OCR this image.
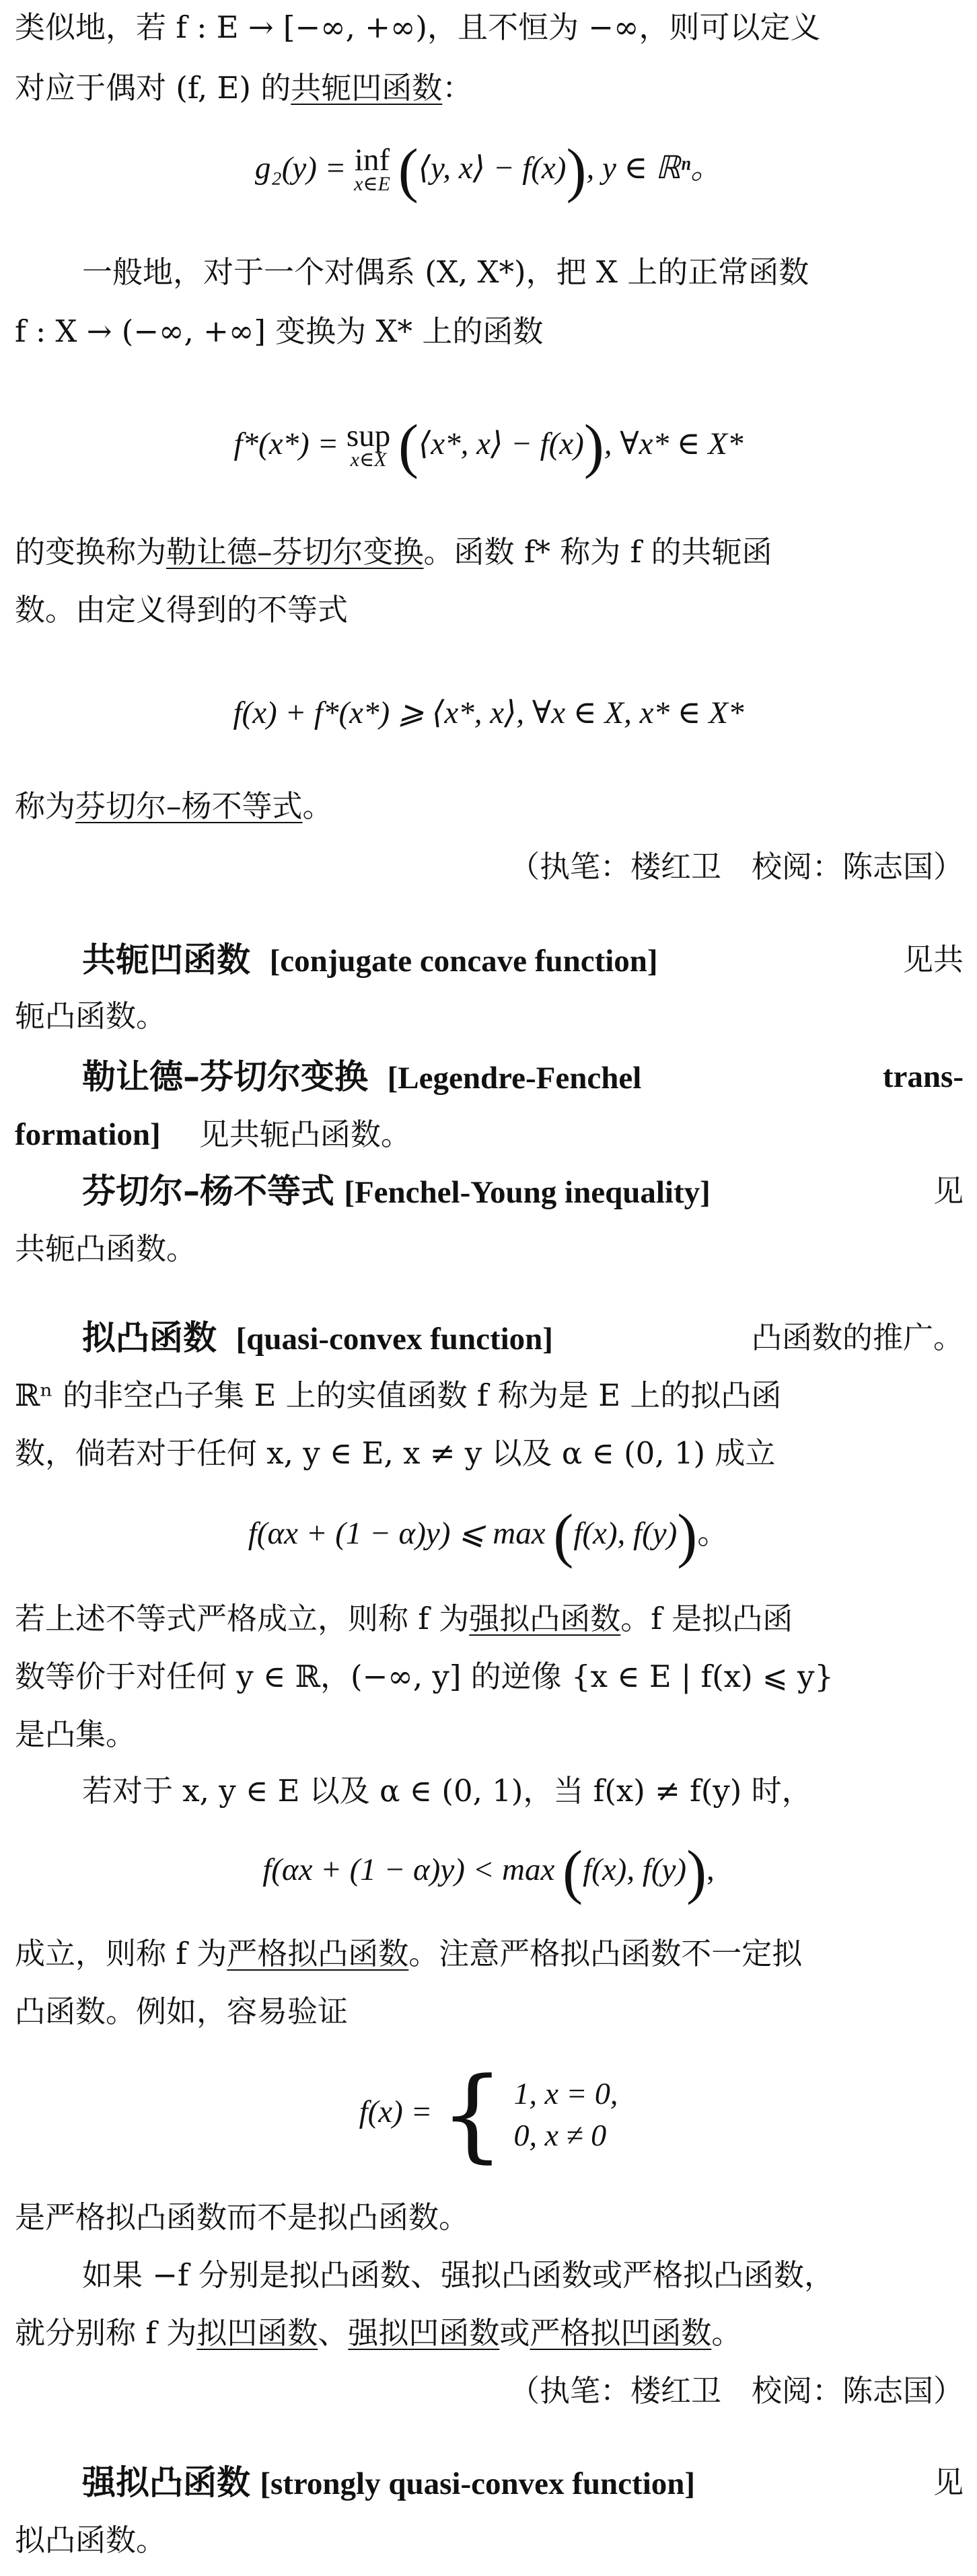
类似地，若 f : E → [−∞, +∞)，且不恒为 −∞，则可以定义
对应于偶对 (f, E) 的共轭凹函数：
g₂(y) = inf
x∈E (⟨y, x⟩ − f(x)), y ∈ ℝⁿ。
一般地，对于一个对偶系 (X, X*)，把 X 上的正常函数
f : X → (−∞, +∞] 变换为 X* 上的函数
f*(x*) = sup
x∈X (⟨x*, x⟩ − f(x)), ∀x* ∈ X*
的变换称为勒让德–芬切尔变换。函数 f* 称为 f 的共轭函
数。由定义得到的不等式
f(x) + f*(x*) ⩾ ⟨x*, x⟩, ∀x ∈ X, x* ∈ X*
称为芬切尔–杨不等式。
（执笔：楼红卫　校阅：陈志国）
共轭凹函数 [conjugate concave function]	见共
轭凸函数。
勒让德–芬切尔变换 [Legendre-Fenchel	trans-
formation] 见共轭凸函数。
芬切尔–杨不等式 [Fenchel-Young inequality]	见
共轭凸函数。
拟凸函数 [quasi-convex function]	凸函数的推广。
ℝⁿ 的非空凸子集 E 上的实值函数 f 称为是 E 上的拟凸函
数，倘若对于任何 x, y ∈ E, x ≠ y 以及 α ∈ (0, 1) 成立
f(αx + (1 − α)y) ⩽ max (f(x), f(y))。
若上述不等式严格成立，则称 f 为强拟凸函数。f 是拟凸函
数等价于对任何 y ∈ ℝ，(−∞, y] 的逆像 {x ∈ E | f(x) ⩽ y}
是凸集。
若对于 x, y ∈ E 以及 α ∈ (0, 1)，当 f(x) ≠ f(y) 时，
f(αx + (1 − α)y) < max (f(x), f(y)),
成立，则称 f 为严格拟凸函数。注意严格拟凸函数不一定拟
凸函数。例如，容易验证
f(x) = { 1, x = 0,
0, x ≠ 0
是严格拟凸函数而不是拟凸函数。
如果 −f 分别是拟凸函数、强拟凸函数或严格拟凸函数，
就分别称 f 为拟凹函数、强拟凹函数或严格拟凹函数。
（执笔：楼红卫　校阅：陈志国）
强拟凸函数 [strongly quasi-convex function]	见
拟凸函数。
